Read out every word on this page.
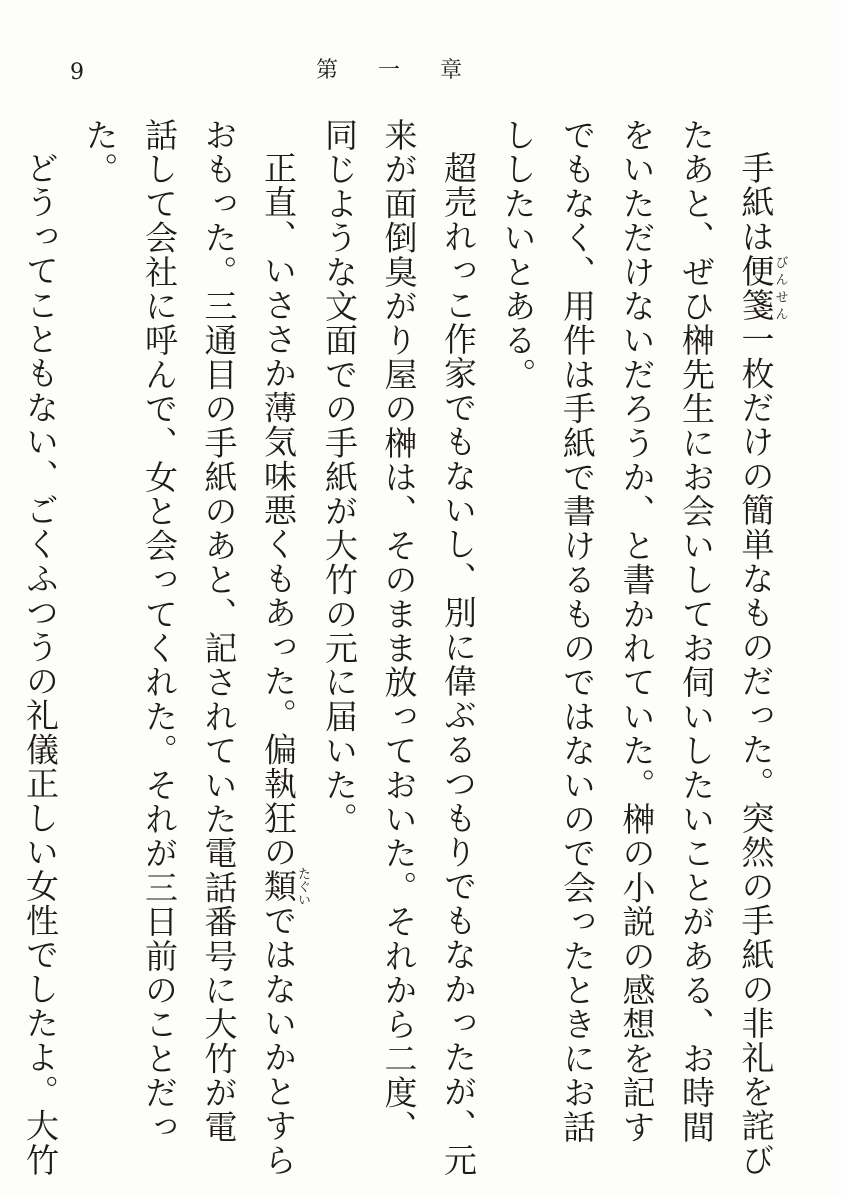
9	第一章

手紙は便箋びんせん一枚だけの簡単なものだった。突然の手紙の非礼を詫びたあと、ぜひ榊先生にお会いしてお伺いしたいことがある、お時間をいただけないだろうか、と書かれていた。榊の小説の感想を記すでもなく、用件は手紙で書けるものではないので会ったときにお話ししたいとある。

超売れっこ作家でもないし、別に偉ぶるつもりでもなかったが、元来が面倒臭がり屋の榊は、そのまま放っておいた。それから二度、同じような文面での手紙が大竹の元に届いた。

正直、いささか薄気味悪くもあった。偏執狂の類たぐいではないかとすらおもった。三通目の手紙のあと、記されていた電話番号に大竹が電話して会社に呼んで、女と会ってくれた。それが三日前のことだった。

どうってこともない、ごくふつうの礼儀正しい女性でしたよ。大竹
